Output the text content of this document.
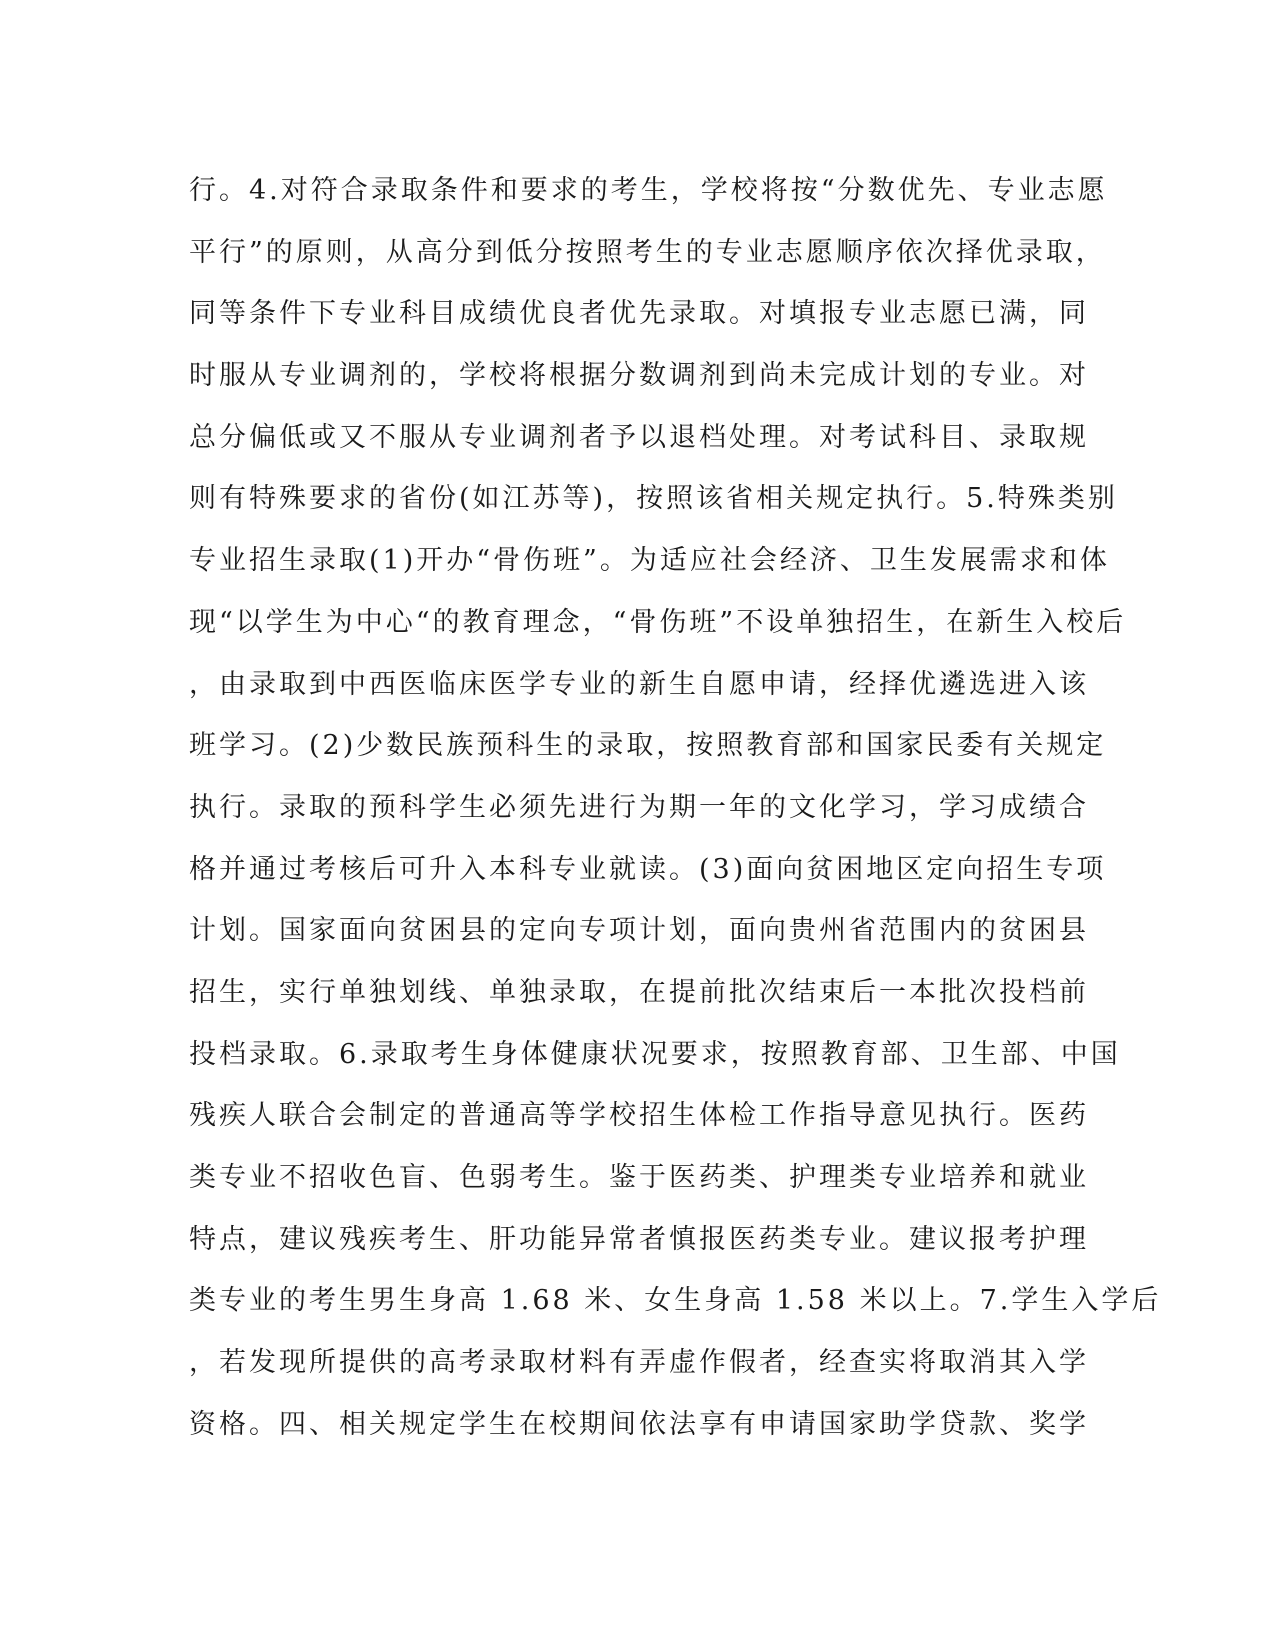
行。4.对符合录取条件和要求的考生，学校将按“分数优先、专业志愿
平行”的原则，从高分到低分按照考生的专业志愿顺序依次择优录取，
同等条件下专业科目成绩优良者优先录取。对填报专业志愿已满，同
时服从专业调剂的，学校将根据分数调剂到尚未完成计划的专业。对
总分偏低或又不服从专业调剂者予以退档处理。对考试科目、录取规
则有特殊要求的省份(如江苏等)，按照该省相关规定执行。5.特殊类别
专业招生录取(1)开办“骨伤班”。为适应社会经济、卫生发展需求和体
现“以学生为中心“的教育理念，“骨伤班”不设单独招生，在新生入校后
，由录取到中西医临床医学专业的新生自愿申请，经择优遴选进入该
班学习。(2)少数民族预科生的录取，按照教育部和国家民委有关规定
执行。录取的预科学生必须先进行为期一年的文化学习，学习成绩合
格并通过考核后可升入本科专业就读。(3)面向贫困地区定向招生专项
计划。国家面向贫困县的定向专项计划，面向贵州省范围内的贫困县
招生，实行单独划线、单独录取，在提前批次结束后一本批次投档前
投档录取。6.录取考生身体健康状况要求，按照教育部、卫生部、中国
残疾人联合会制定的普通高等学校招生体检工作指导意见执行。医药
类专业不招收色盲、色弱考生。鉴于医药类、护理类专业培养和就业
特点，建议残疾考生、肝功能异常者慎报医药类专业。建议报考护理
类专业的考生男生身高 1.68 米、女生身高 1.58 米以上。7.学生入学后
，若发现所提供的高考录取材料有弄虚作假者，经查实将取消其入学
资格。四、相关规定学生在校期间依法享有申请国家助学贷款、奖学
